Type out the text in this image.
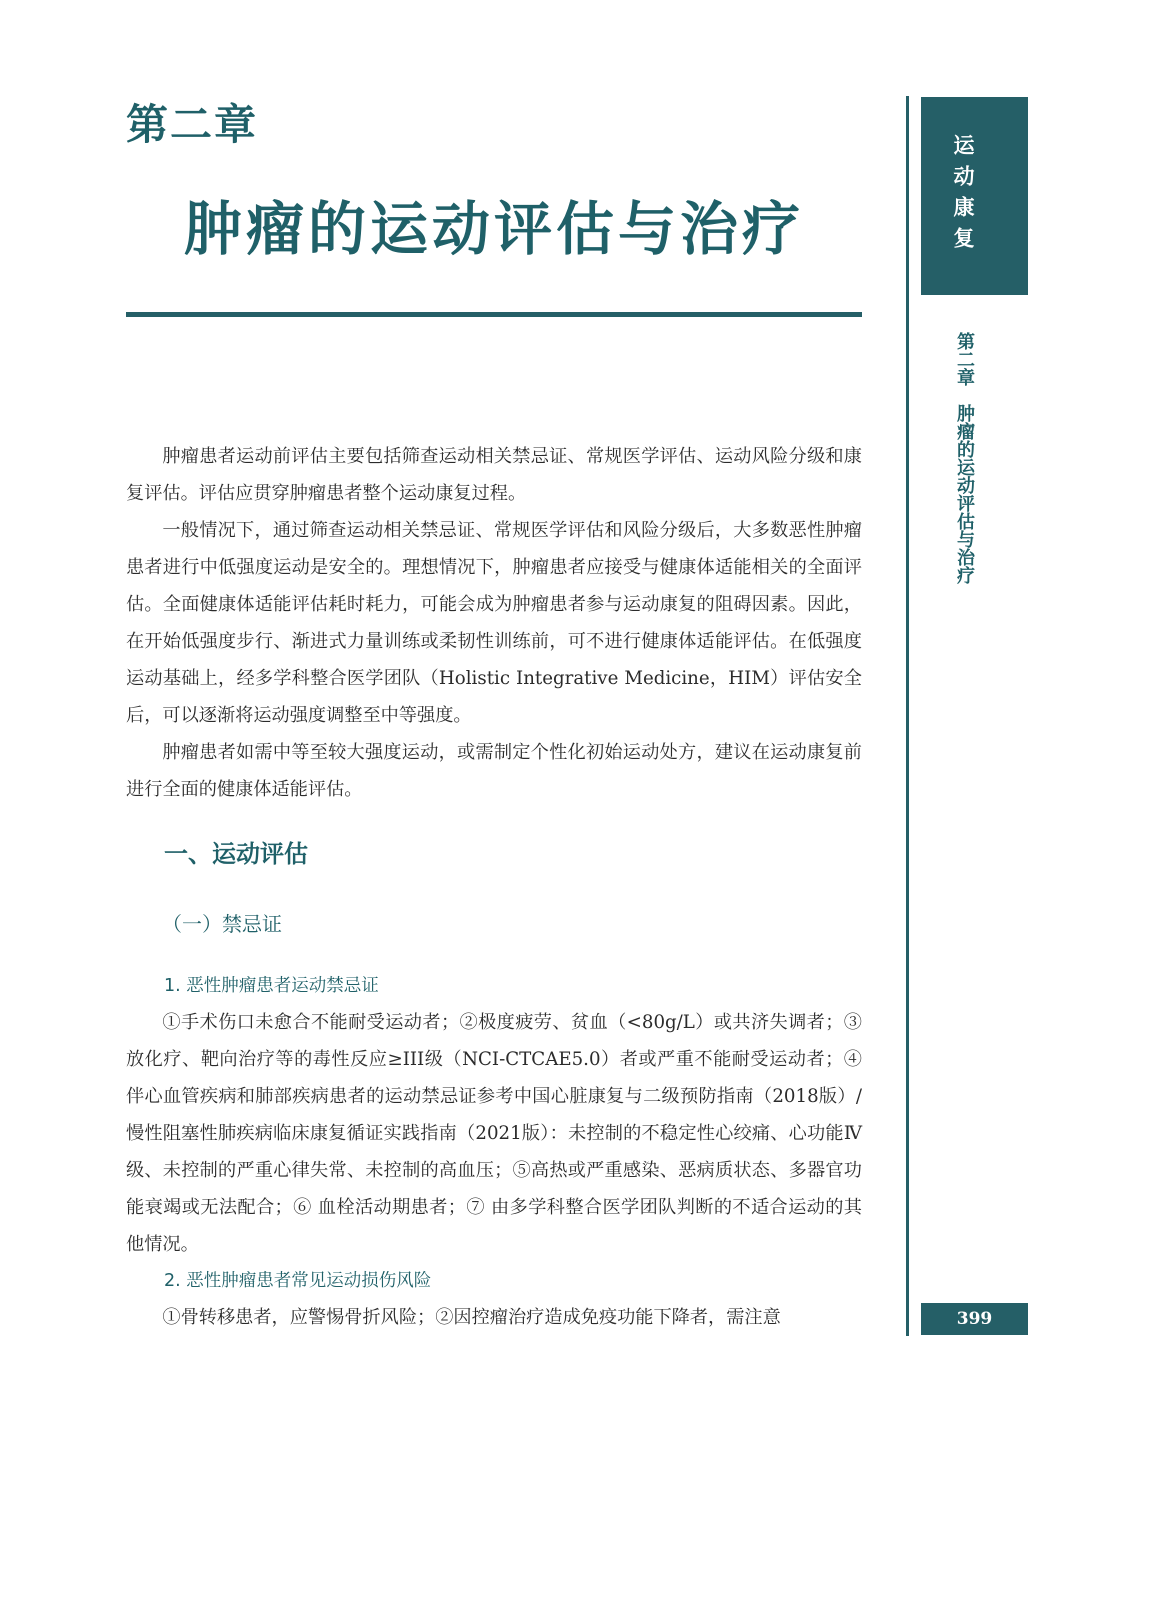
第二章
肿瘤的运动评估与治疗

肿瘤患者运动前评估主要包括筛查运动相关禁忌证、常规医学评估、运动风险分级和康复评估。评估应贯穿肿瘤患者整个运动康复过程。

一般情况下，通过筛查运动相关禁忌证、常规医学评估和风险分级后，大多数恶性肿瘤患者进行中低强度运动是安全的。理想情况下，肿瘤患者应接受与健康体适能相关的全面评估。全面健康体适能评估耗时耗力，可能会成为肿瘤患者参与运动康复的阻碍因素。因此，在开始低强度步行、渐进式力量训练或柔韧性训练前，可不进行健康体适能评估。在低强度运动基础上，经多学科整合医学团队（Holistic Integrative Medicine，HIM）评估安全后，可以逐渐将运动强度调整至中等强度。

肿瘤患者如需中等至较大强度运动，或需制定个性化初始运动处方，建议在运动康复前进行全面的健康体适能评估。

一、运动评估
（一）禁忌证
1. 恶性肿瘤患者运动禁忌证

①手术伤口未愈合不能耐受运动者；②极度疲劳、贫血（<80g/L）或共济失调者；③放化疗、靶向治疗等的毒性反应≥III级（NCI-CTCAE5.0）者或严重不能耐受运动者；④伴心血管疾病和肺部疾病患者的运动禁忌证参考中国心脏康复与二级预防指南（2018版）/慢性阻塞性肺疾病临床康复循证实践指南（2021版）：未控制的不稳定性心绞痛、心功能Ⅳ级、未控制的严重心律失常、未控制的高血压；⑤高热或严重感染、恶病质状态、多器官功能衰竭或无法配合；⑥ 血栓活动期患者；⑦ 由多学科整合医学团队判断的不适合运动的其他情况。

2. 恶性肿瘤患者常见运动损伤风险

①骨转移患者，应警惕骨折风险；②因控瘤治疗造成免疫功能下降者，需注意

运动康复
第二章肿瘤的运动评估与治疗
399
